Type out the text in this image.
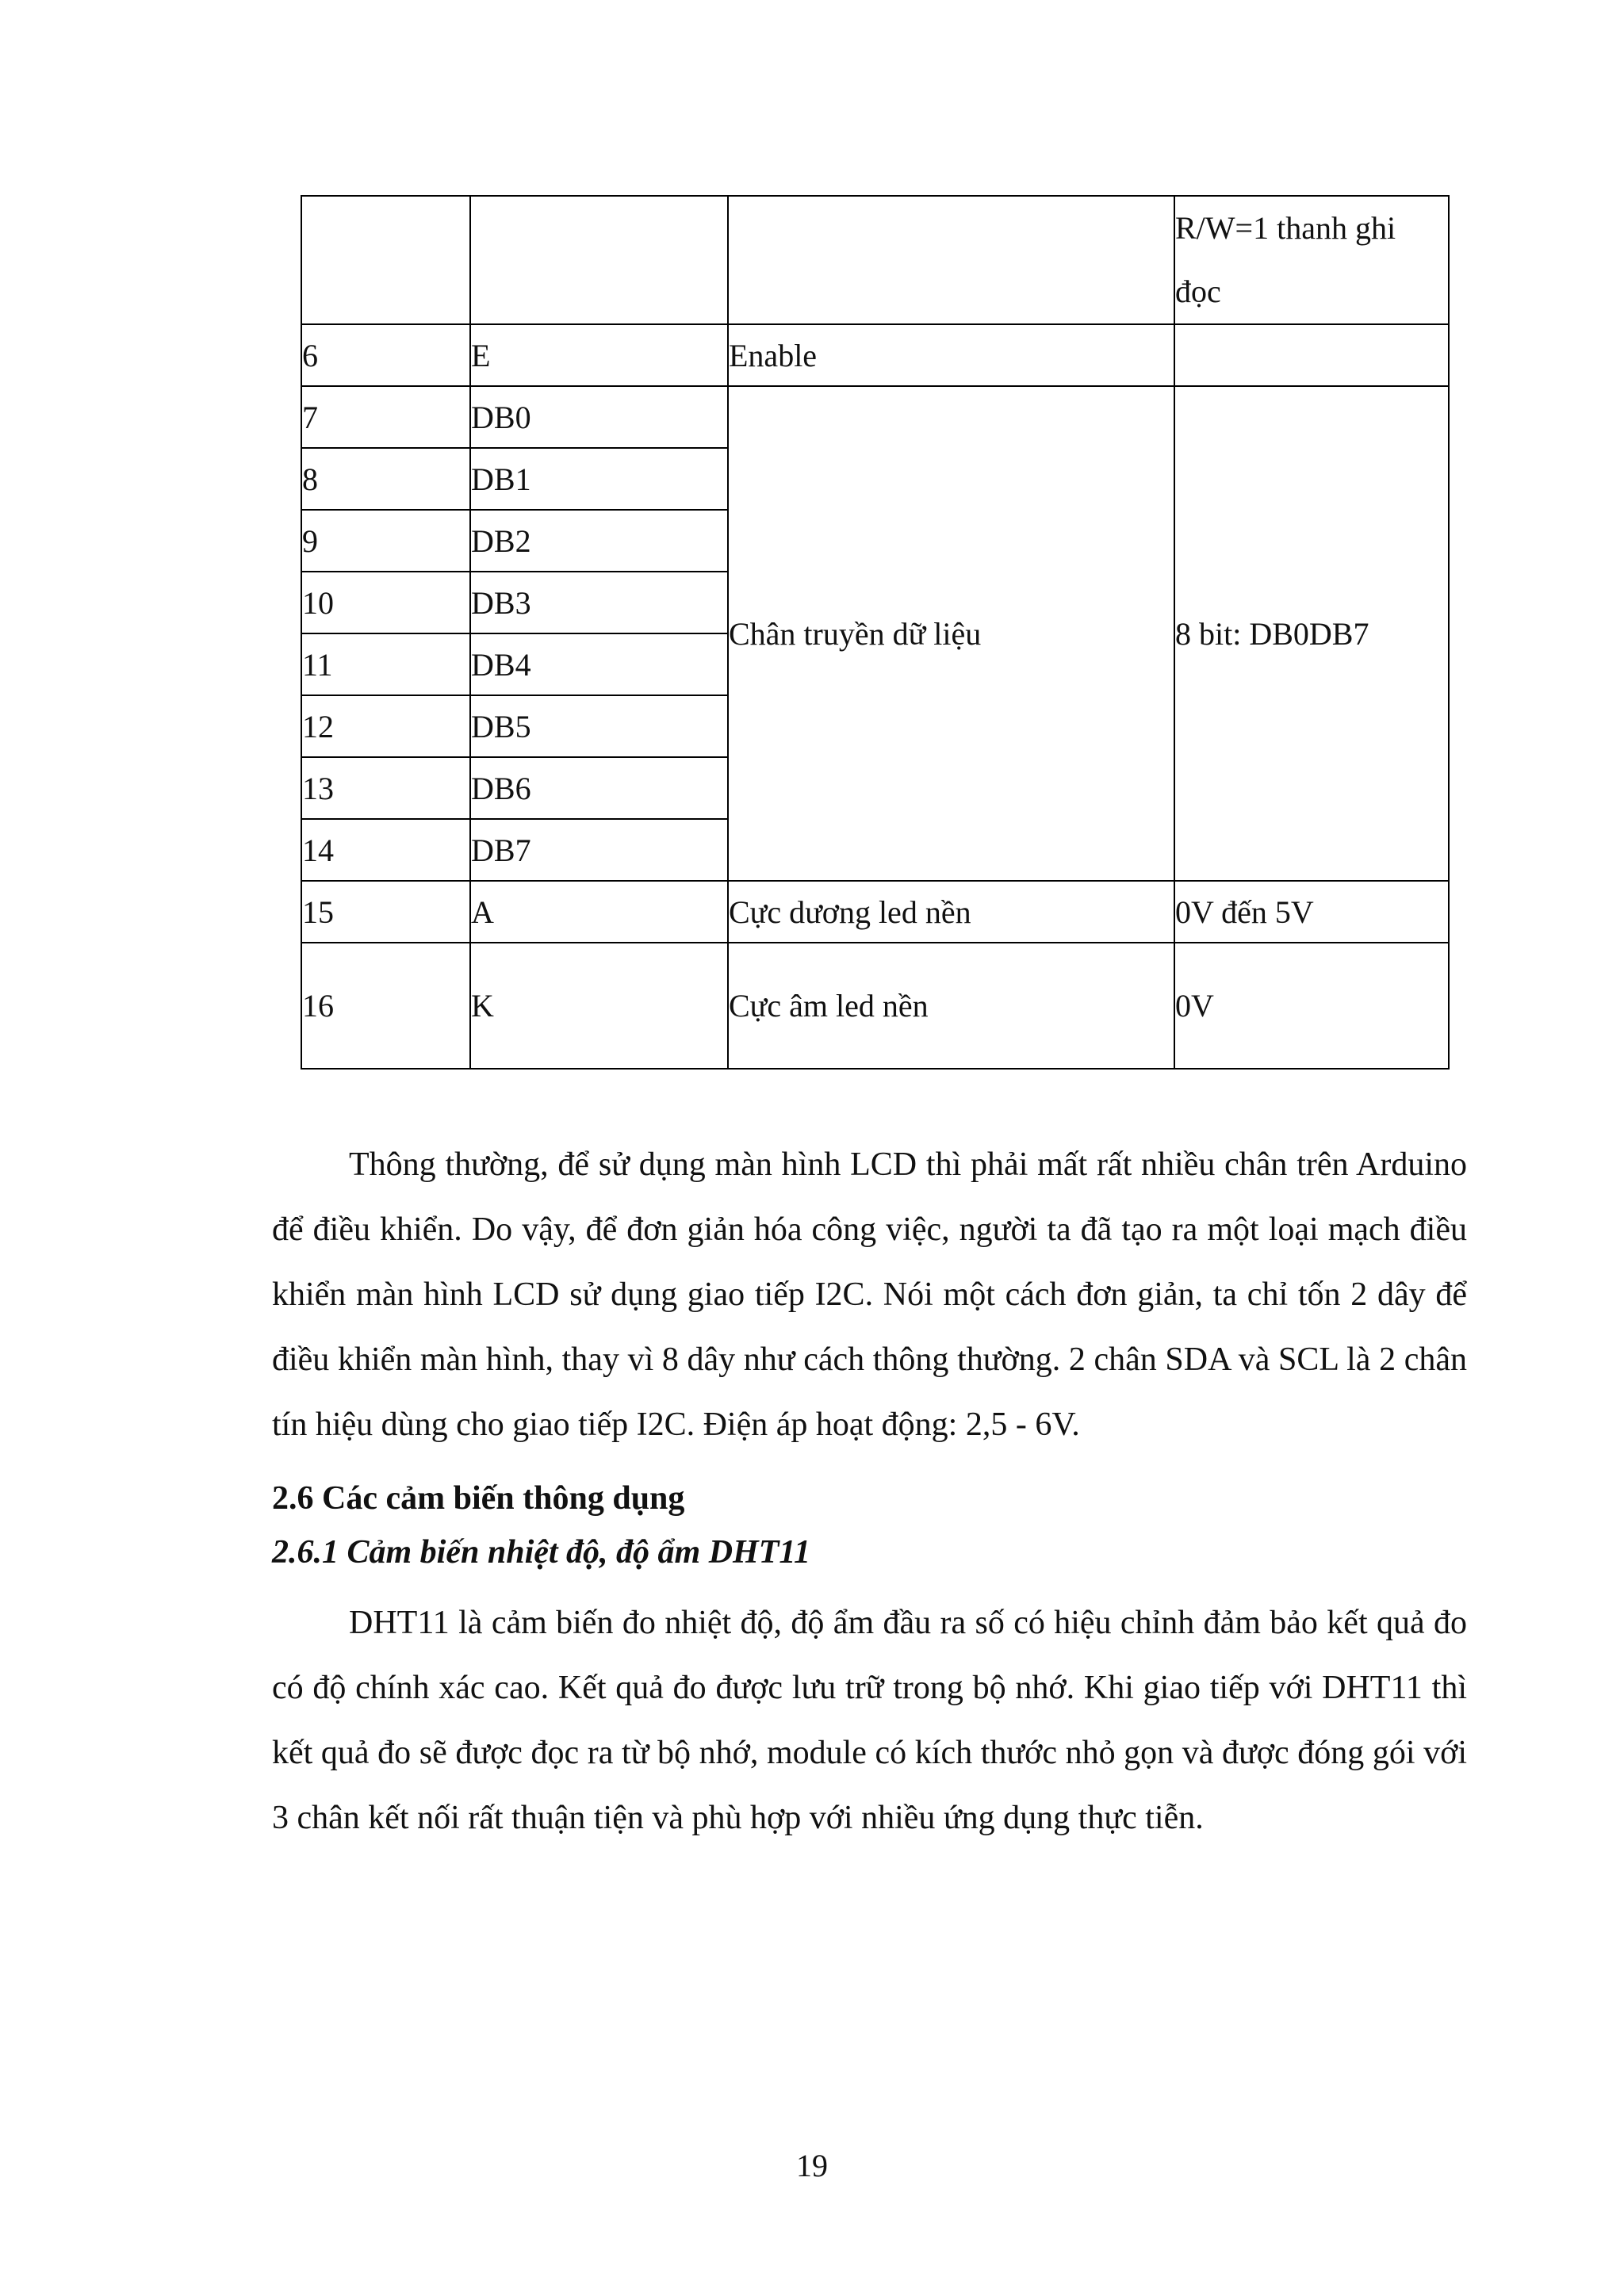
			R/W=1 thanh ghi đọc
6	E	Enable	
7	DB0	Chân truyền dữ liệu	8 bit: DB0DB7
8	DB1		
9	DB2		
10	DB3		
11	DB4		
12	DB5		
13	DB6		
14	DB7		
15	A	Cực dương led nền	0V đến 5V
16	K	Cực âm led nền	0V

Thông thường, để sử dụng màn hình LCD thì phải mất rất nhiều chân trên Arduino để điều khiển. Do vậy, để đơn giản hóa công việc, người ta đã tạo ra một loại mạch điều khiển màn hình LCD sử dụng giao tiếp I2C. Nói một cách đơn giản, ta chỉ tốn 2 dây để điều khiển màn hình, thay vì 8 dây như cách thông thường. 2 chân SDA và SCL là 2 chân tín hiệu dùng cho giao tiếp I2C. Điện áp hoạt động: 2,5 - 6V.

2.6 Các cảm biến thông dụng

2.6.1 Cảm biến nhiệt độ, độ ẩm DHT11

DHT11 là cảm biến đo nhiệt độ, độ ẩm đầu ra số có hiệu chỉnh đảm bảo kết quả đo có độ chính xác cao. Kết quả đo được lưu trữ trong bộ nhớ. Khi giao tiếp với DHT11 thì kết quả đo sẽ được đọc ra từ bộ nhớ, module có kích thước nhỏ gọn và được đóng gói với 3 chân kết nối rất thuận tiện và phù hợp với nhiều ứng dụng thực tiễn.

19
